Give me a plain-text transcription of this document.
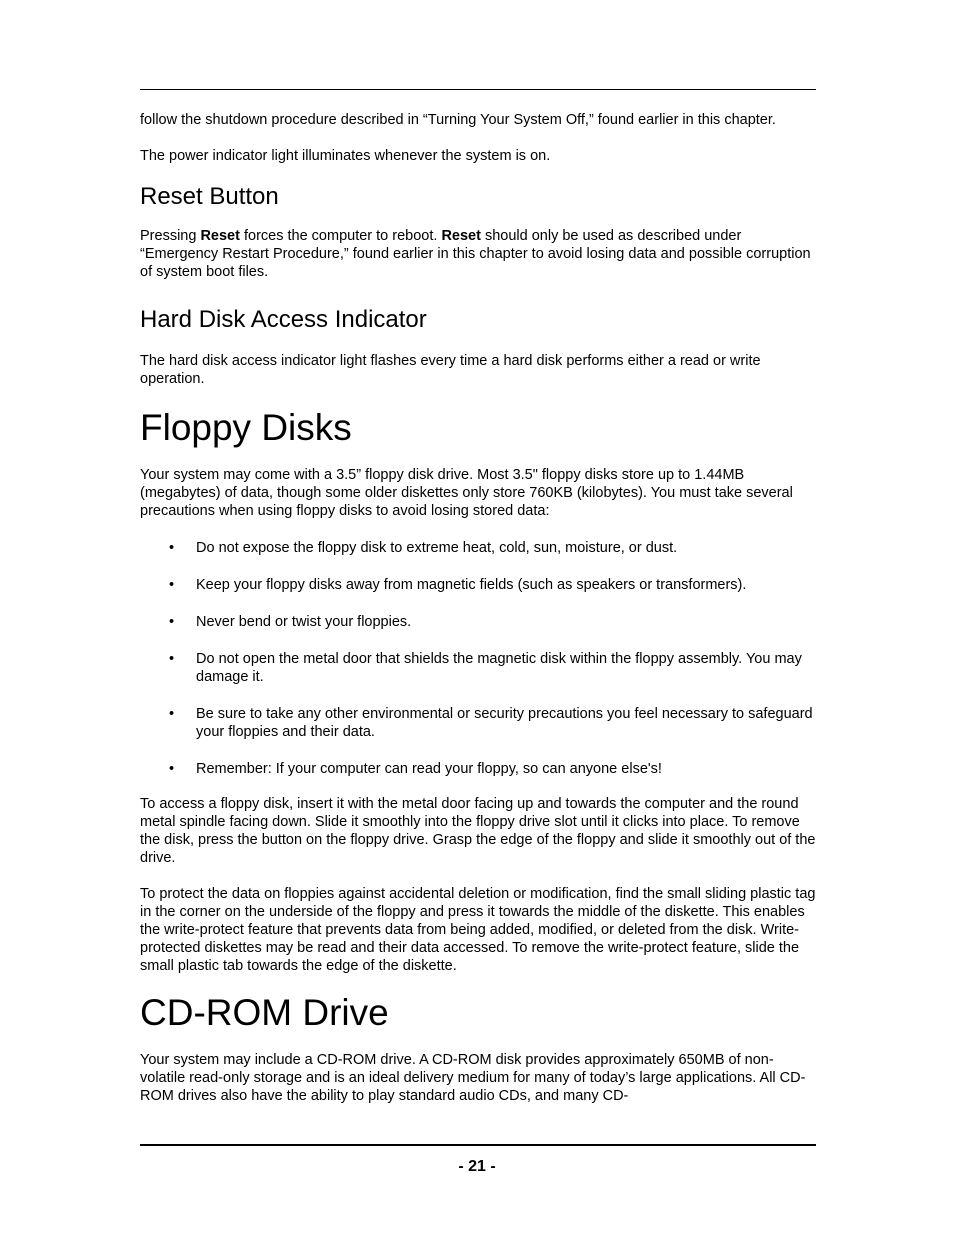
follow the shutdown procedure described in “Turning Your System Off,” found earlier in this chapter.

The power indicator light illuminates whenever the system is on.

Reset Button

Pressing Reset forces the computer to reboot. Reset should only be used as described under “Emergency Restart Procedure,” found earlier in this chapter to avoid losing data and possible corruption of system boot files.

Hard Disk Access Indicator

The hard disk access indicator light flashes every time a hard disk performs either a read or write operation.

Floppy Disks

Your system may come with a 3.5” floppy disk drive. Most 3.5" floppy disks store up to 1.44MB (megabytes) of data, though some older diskettes only store 760KB (kilobytes). You must take several precautions when using floppy disks to avoid losing stored data:

• Do not expose the floppy disk to extreme heat, cold, sun, moisture, or dust.
• Keep your floppy disks away from magnetic fields (such as speakers or transformers).
• Never bend or twist your floppies.
• Do not open the metal door that shields the magnetic disk within the floppy assembly. You may damage it.
• Be sure to take any other environmental or security precautions you feel necessary to safeguard your floppies and their data.
• Remember: If your computer can read your floppy, so can anyone else's!

To access a floppy disk, insert it with the metal door facing up and towards the computer and the round metal spindle facing down. Slide it smoothly into the floppy drive slot until it clicks into place. To remove the disk, press the button on the floppy drive. Grasp the edge of the floppy and slide it smoothly out of the drive.

To protect the data on floppies against accidental deletion or modification, find the small sliding plastic tag in the corner on the underside of the floppy and press it towards the middle of the diskette. This enables the write-protect feature that prevents data from being added, modified, or deleted from the disk. Write-protected diskettes may be read and their data accessed. To remove the write-protect feature, slide the small plastic tab towards the edge of the diskette.

CD-ROM Drive

Your system may include a CD-ROM drive. A CD-ROM disk provides approximately 650MB of non-volatile read-only storage and is an ideal delivery medium for many of today’s large applications. All CD-ROM drives also have the ability to play standard audio CDs, and many CD-

- 21 -
